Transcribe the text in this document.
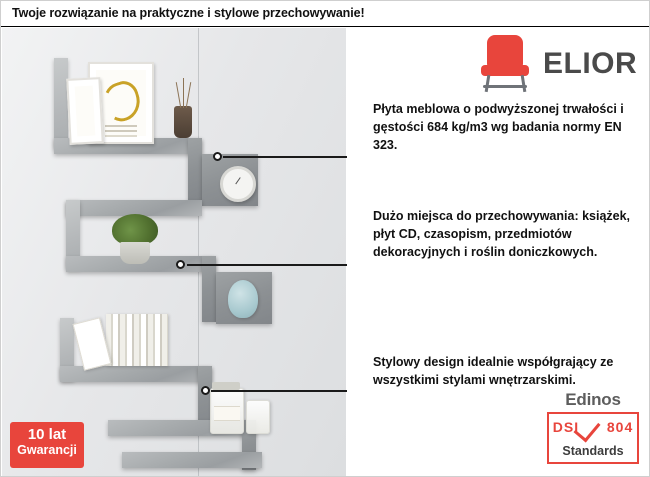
Twoje rozwiązanie na praktyczne i stylowe przechowywanie!
ELIOR
Płyta meblowa o podwyższonej trwałości i gęstości 684 kg/m3 wg badania normy EN 323.
Dużo miejsca do przechowywania: książek, płyt CD, czasopism, przedmiotów dekoracyjnych i roślin doniczkowych.
Stylowy design idealnie współgrający ze wszystkimi stylami wnętrzarskimi.
10 lat
Gwarancji
Edinos
DSI 804
Standards
